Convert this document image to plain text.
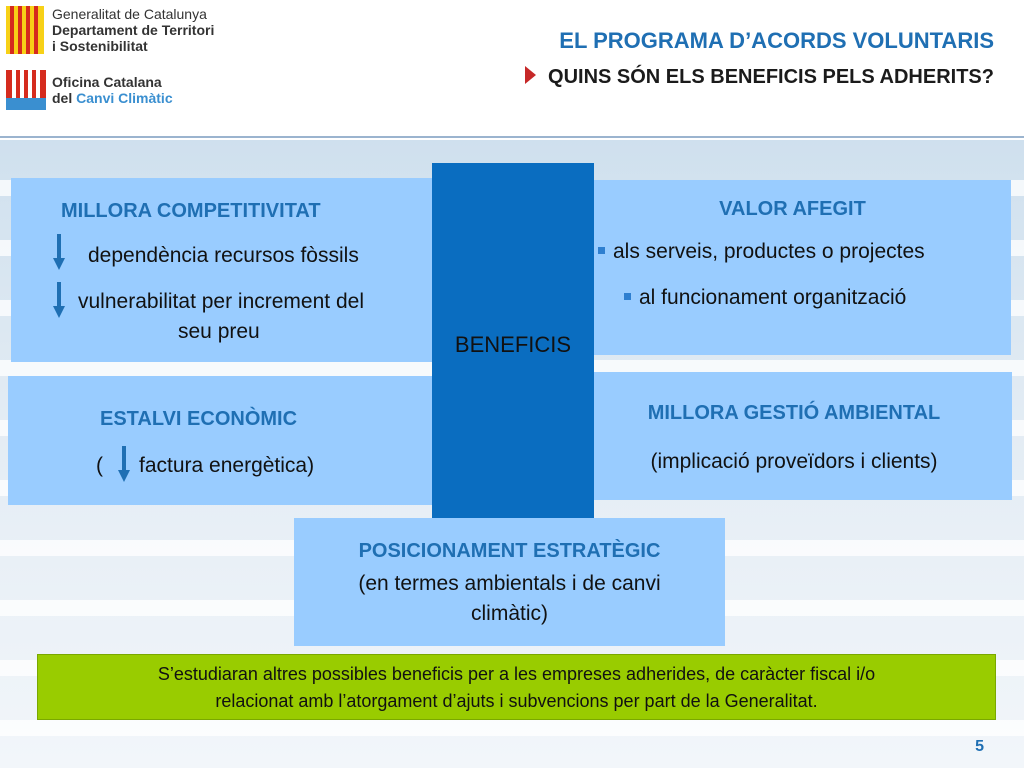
Generalitat de Catalunya
Departament de Territori
i Sostenibilitat
Oficina Catalana
del Canvi Climàtic
EL PROGRAMA D’ACORDS VOLUNTARIS
QUINS SÓN ELS BENEFICIS PELS ADHERITS?
MILLORA COMPETITIVITAT
dependència recursos fòssils
vulnerabilitat per increment del
seu preu
ESTALVI ECONÒMIC
( factura energètica)
VALOR AFEGIT
als serveis, productes o projectes
al funcionament organització
MILLORA GESTIÓ AMBIENTAL
(implicació proveïdors i clients)
BENEFICIS
POSICIONAMENT ESTRATÈGIC
(en termes ambientals i de canvi
climàtic)
S’estudiaran altres possibles beneficis per a les empreses adherides, de caràcter fiscal i/o
relacionat amb l’atorgament d’ajuts i subvencions per part de la Generalitat.
5
